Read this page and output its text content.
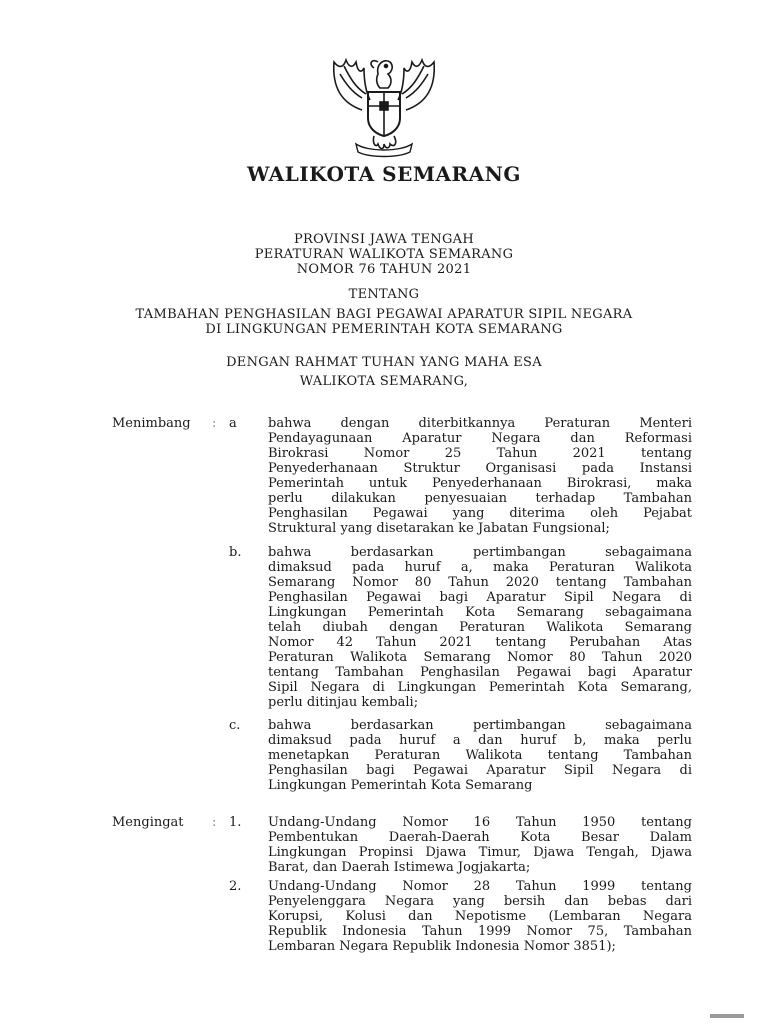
WALIKOTA SEMARANG
PROVINSI JAWA TENGAH
PERATURAN WALIKOTA SEMARANG
NOMOR 76 TAHUN 2021
TENTANG
TAMBAHAN PENGHASILAN BAGI PEGAWAI APARATUR SIPIL NEGARA
DI LINGKUNGAN PEMERINTAH KOTA SEMARANG
DENGAN RAHMAT TUHAN YANG MAHA ESA
WALIKOTA SEMARANG,
Menimbang : a bahwa dengan diterbitkannya Peraturan Menteri
Pendayagunaan Aparatur Negara dan Reformasi
Birokrasi Nomor 25 Tahun 2021 tentang
Penyederhanaan Struktur Organisasi pada Instansi
Pemerintah untuk Penyederhanaan Birokrasi, maka
perlu dilakukan penyesuaian terhadap Tambahan
Penghasilan Pegawai yang diterima oleh Pejabat
Struktural yang disetarakan ke Jabatan Fungsional;
b. bahwa berdasarkan pertimbangan sebagaimana
dimaksud pada huruf a, maka Peraturan Walikota
Semarang Nomor 80 Tahun 2020 tentang Tambahan
Penghasilan Pegawai bagi Aparatur Sipil Negara di
Lingkungan Pemerintah Kota Semarang sebagaimana
telah diubah dengan Peraturan Walikota Semarang
Nomor 42 Tahun 2021 tentang Perubahan Atas
Peraturan Walikota Semarang Nomor 80 Tahun 2020
tentang Tambahan Penghasilan Pegawai bagi Aparatur
Sipil Negara di Lingkungan Pemerintah Kota Semarang,
perlu ditinjau kembali;
c. bahwa berdasarkan pertimbangan sebagaimana
dimaksud pada huruf a dan huruf b, maka perlu
menetapkan Peraturan Walikota tentang Tambahan
Penghasilan bagi Pegawai Aparatur Sipil Negara di
Lingkungan Pemerintah Kota Semarang
Mengingat : 1. Undang-Undang Nomor 16 Tahun 1950 tentang
Pembentukan Daerah-Daerah Kota Besar Dalam
Lingkungan Propinsi Djawa Timur, Djawa Tengah, Djawa
Barat, dan Daerah Istimewa Jogjakarta;
2. Undang-Undang Nomor 28 Tahun 1999 tentang
Penyelenggara Negara yang bersih dan bebas dari
Korupsi, Kolusi dan Nepotisme (Lembaran Negara
Republik Indonesia Tahun 1999 Nomor 75, Tambahan
Lembaran Negara Republik Indonesia Nomor 3851);
